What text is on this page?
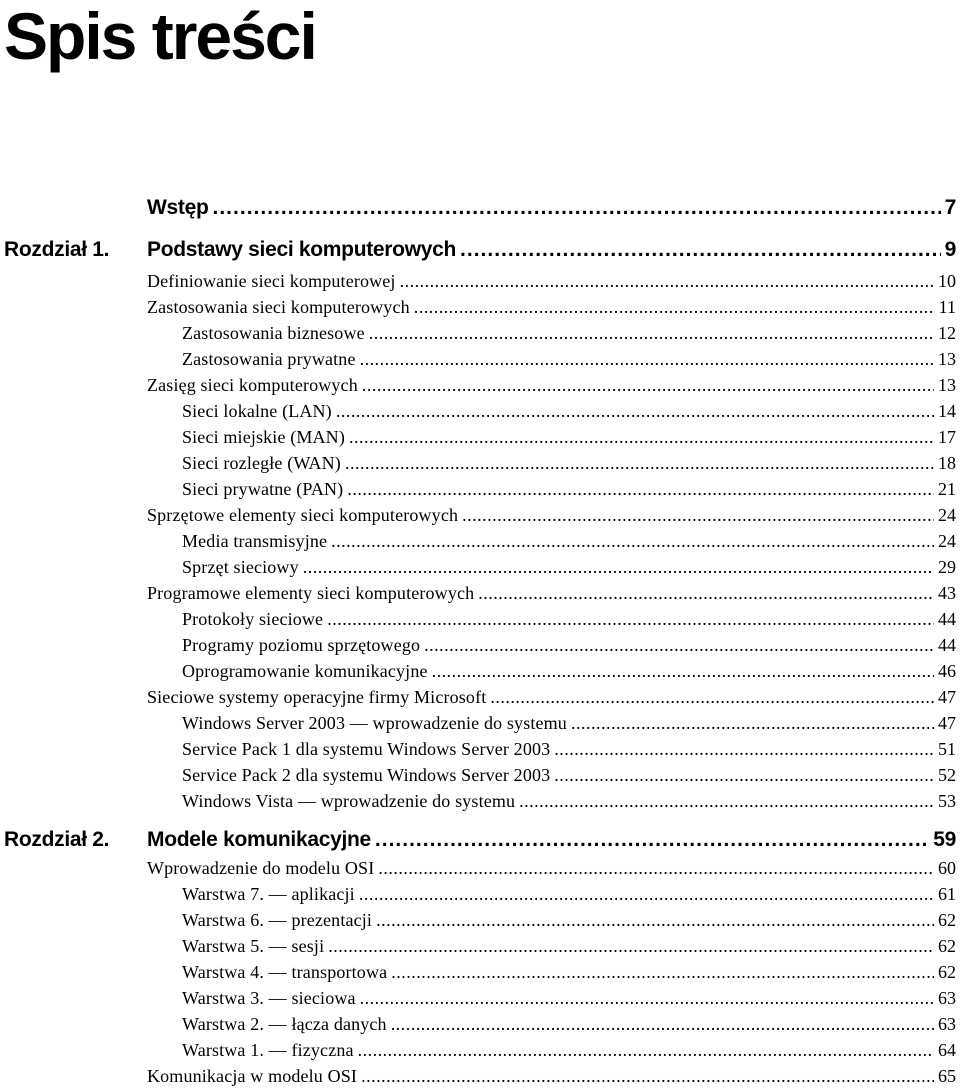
Spis treści
Wstęp .....	7
Rozdział 1. Podstawy sieci komputerowych .....	9
Definiowanie sieci komputerowej .....	10
Zastosowania sieci komputerowych .....	11
Zastosowania biznesowe .....	12
Zastosowania prywatne .....	13
Zasięg sieci komputerowych .....	13
Sieci lokalne (LAN) .....	14
Sieci miejskie (MAN) .....	17
Sieci rozległe (WAN) .....	18
Sieci prywatne (PAN) .....	21
Sprzętowe elementy sieci komputerowych .....	24
Media transmisyjne .....	24
Sprzęt sieciowy .....	29
Programowe elementy sieci komputerowych .....	43
Protokoły sieciowe .....	44
Programy poziomu sprzętowego .....	44
Oprogramowanie komunikacyjne .....	46
Sieciowe systemy operacyjne firmy Microsoft .....	47
Windows Server 2003 — wprowadzenie do systemu .....	47
Service Pack 1 dla systemu Windows Server 2003 .....	51
Service Pack 2 dla systemu Windows Server 2003 .....	52
Windows Vista — wprowadzenie do systemu .....	53
Rozdział 2. Modele komunikacyjne .....	59
Wprowadzenie do modelu OSI .....	60
Warstwa 7. — aplikacji .....	61
Warstwa 6. — prezentacji .....	62
Warstwa 5. — sesji .....	62
Warstwa 4. — transportowa .....	62
Warstwa 3. — sieciowa .....	63
Warstwa 2. — łącza danych .....	63
Warstwa 1. — fizyczna .....	64
Komunikacja w modelu OSI .....	65
